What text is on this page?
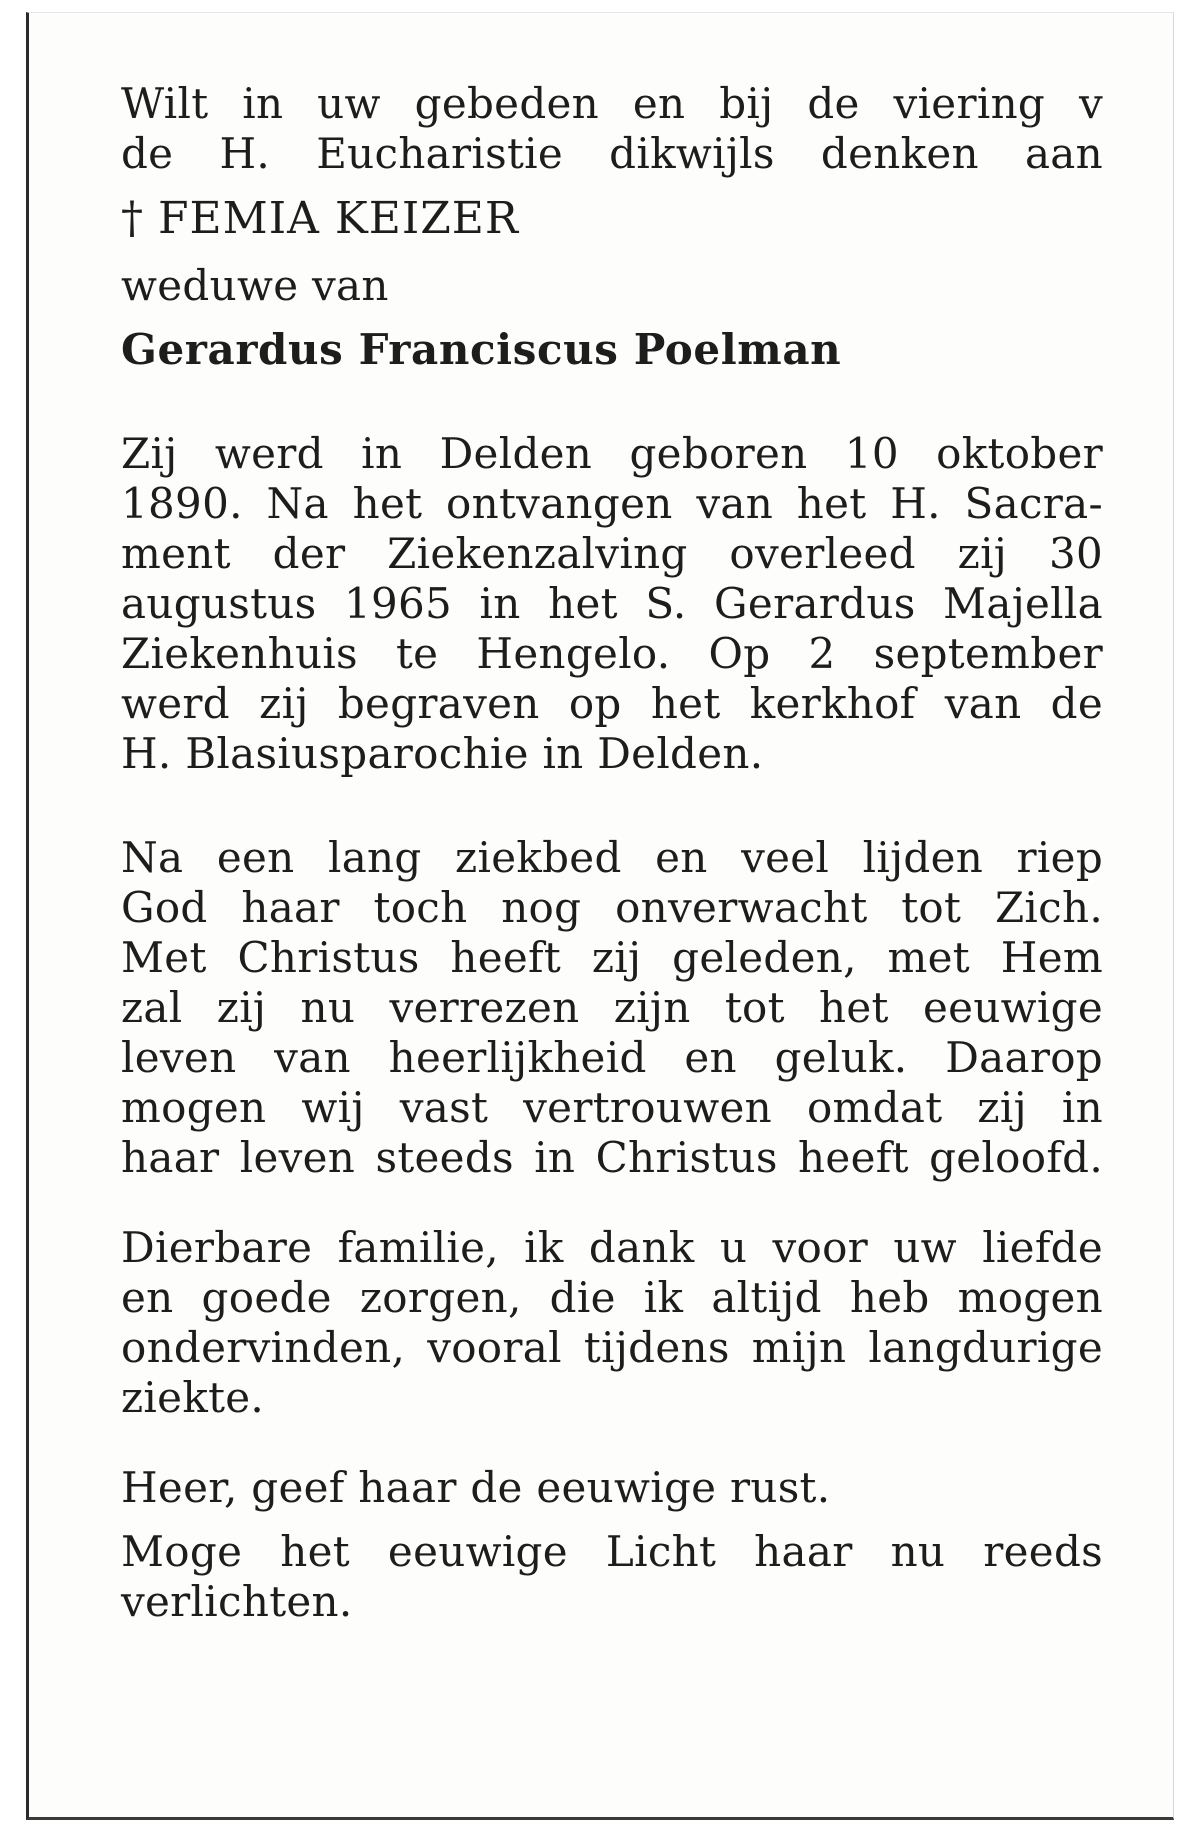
Wilt in uw gebeden en bij de viering v
de H. Eucharistie dikwijls denken aan
† FEMIA KEIZER
weduwe van
Gerardus Franciscus Poelman
Zij werd in Delden geboren 10 oktober
1890. Na het ontvangen van het H. Sacra-
ment der Ziekenzalving overleed zij 30
augustus 1965 in het S. Gerardus Majella
Ziekenhuis te Hengelo. Op 2 september
werd zij begraven op het kerkhof van de
H. Blasiusparochie in Delden.
Na een lang ziekbed en veel lijden riep
God haar toch nog onverwacht tot Zich.
Met Christus heeft zij geleden, met Hem
zal zij nu verrezen zijn tot het eeuwige
leven van heerlijkheid en geluk. Daarop
mogen wij vast vertrouwen omdat zij in
haar leven steeds in Christus heeft geloofd.
Dierbare familie, ik dank u voor uw liefde
en goede zorgen, die ik altijd heb mogen
ondervinden, vooral tijdens mijn langdurige
ziekte.
Heer, geef haar de eeuwige rust.
Moge het eeuwige Licht haar nu reeds
verlichten.
